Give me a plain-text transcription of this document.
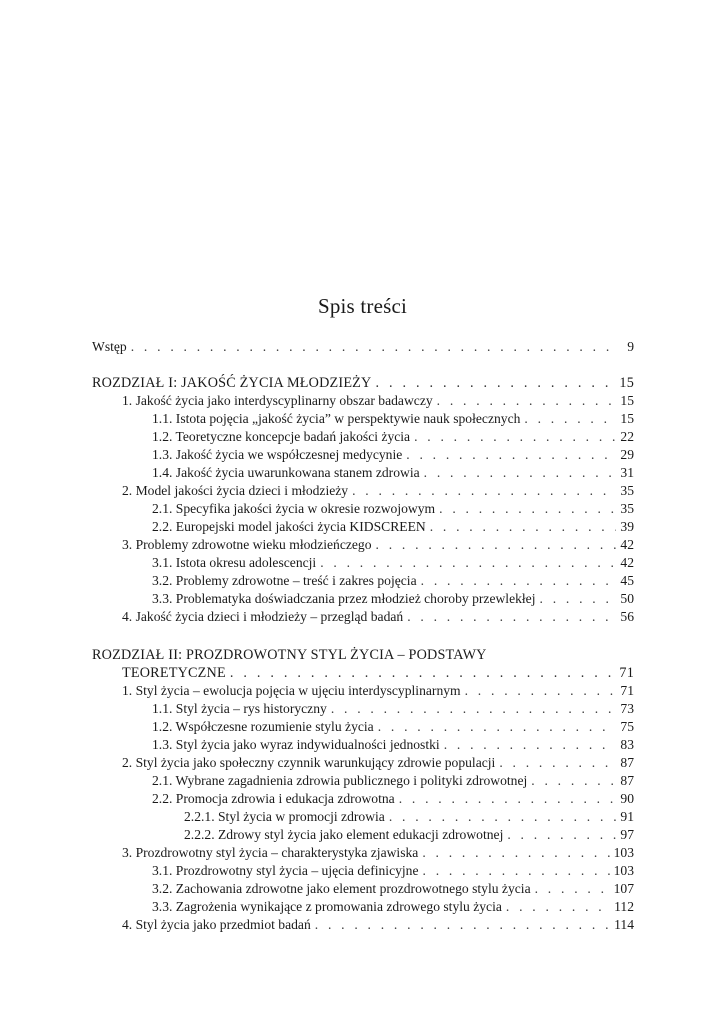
Spis treści
Wstęp . . .	9
ROZDZIAŁ I: JAKOŚĆ ŻYCIA MŁODZIEŻY . . .	15
1. Jakość życia jako interdyscyplinarny obszar badawczy . . .	15
1.1. Istota pojęcia „jakość życia” w perspektywie nauk społecznych . . .	15
1.2. Teoretyczne koncepcje badań jakości życia . . .	22
1.3. Jakość życia we współczesnej medycynie . . .	29
1.4. Jakość życia uwarunkowana stanem zdrowia . . .	31
2. Model jakości życia dzieci i młodzieży . . .	35
2.1. Specyfika jakości życia w okresie rozwojowym . . .	35
2.2. Europejski model jakości życia KIDSCREEN . . .	39
3. Problemy zdrowotne wieku młodzieńczego . . .	42
3.1. Istota okresu adolescencji . . .	42
3.2. Problemy zdrowotne – treść i zakres pojęcia . . .	45
3.3. Problematyka doświadczania przez młodzież choroby przewlekłej . . .	50
4. Jakość życia dzieci i młodzieży – przegląd badań . . .	56
ROZDZIAŁ II: PROZDROWOTNY STYL ŻYCIA – PODSTAWY
TEORETYCZNE . . .	71
1. Styl życia – ewolucja pojęcia w ujęciu interdyscyplinarnym . . .	71
1.1. Styl życia – rys historyczny . . .	73
1.2. Współczesne rozumienie stylu życia . . .	75
1.3. Styl życia jako wyraz indywidualności jednostki . . .	83
2. Styl życia jako społeczny czynnik warunkujący zdrowie populacji . . .	87
2.1. Wybrane zagadnienia zdrowia publicznego i polityki zdrowotnej . . .	87
2.2. Promocja zdrowia i edukacja zdrowotna . . .	90
2.2.1. Styl życia w promocji zdrowia . . .	91
2.2.2. Zdrowy styl życia jako element edukacji zdrowotnej . . .	97
3. Prozdrowotny styl życia – charakterystyka zjawiska . . .	103
3.1. Prozdrowotny styl życia – ujęcia definicyjne . . .	103
3.2. Zachowania zdrowotne jako element prozdrowotnego stylu życia . . .	107
3.3. Zagrożenia wynikające z promowania zdrowego stylu życia . . .	112
4. Styl życia jako przedmiot badań . . .	114
